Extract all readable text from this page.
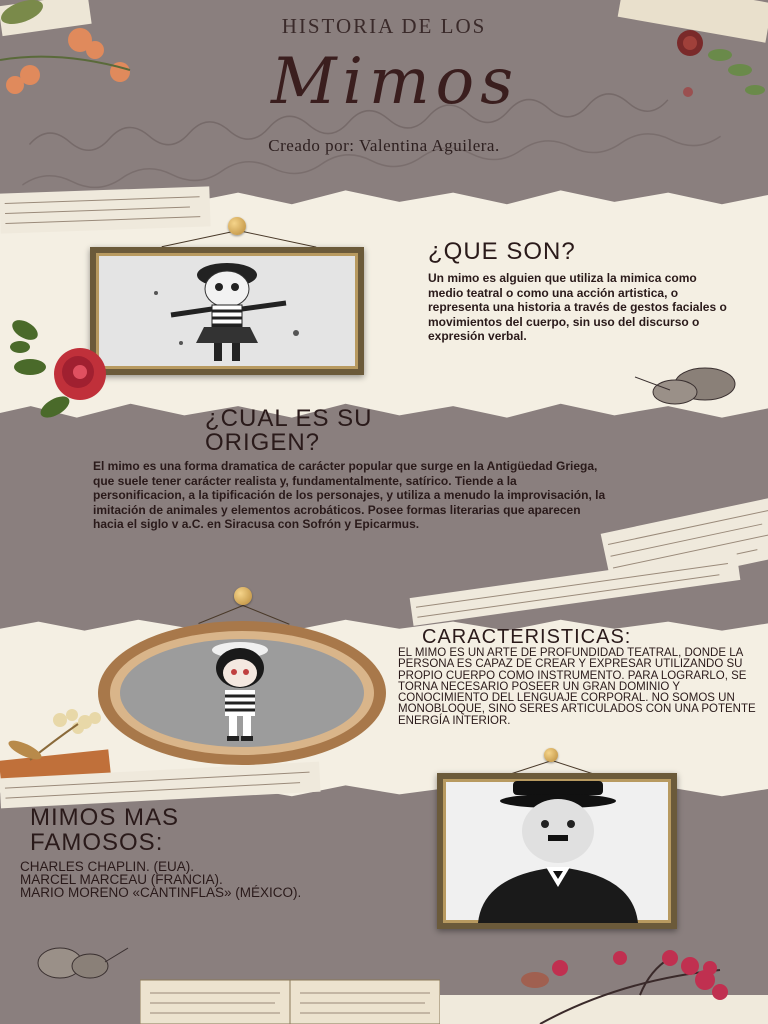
HISTORIA DE LOS
Mimos
Creado por: Valentina Aguilera.
¿QUE SON?
Un mimo es alguien que utiliza la mimica como medio teatral o como una acción artistica, o representa una historia a través de gestos faciales o movimientos del cuerpo, sin uso del discurso o expresión verbal.
¿CUAL ES SU ORIGEN?
El mimo es una forma dramatica de carácter popular que surge en la Antigüedad Griega, que suele tener carácter realista y, fundamentalmente, satírico. Tiende a la personificacion, a la tipificación de los personajes, y utiliza a menudo la improvisación, la imitación de animales y elementos acrobáticos. Posee formas literarias que aparecen hacia el siglo v a.C. en Siracusa con Sofrón y Epicarmus.
CARACTERISTICAS:
EL MIMO ES UN ARTE DE PROFUNDIDAD TEATRAL, DONDE LA PERSONA ES CAPAZ DE CREAR Y EXPRESAR UTILIZANDO SU PROPIO CUERPO COMO INSTRUMENTO. PARA LOGRARLO, SE TORNA NECESARIO POSEER UN GRAN DOMINIO Y CONOCIMIENTO DEL LENGUAJE CORPORAL. NO SOMOS UN MONOBLOQUE, SINO SERES ARTICULADOS CON UNA POTENTE ENERGÍA INTERIOR.
MIMOS MAS FAMOSOS:
CHARLES CHAPLIN. (EUA).
MARCEL MARCEAU (FRANCIA).
MARIO MORENO «CANTINFLAS» (MÉXICO).
